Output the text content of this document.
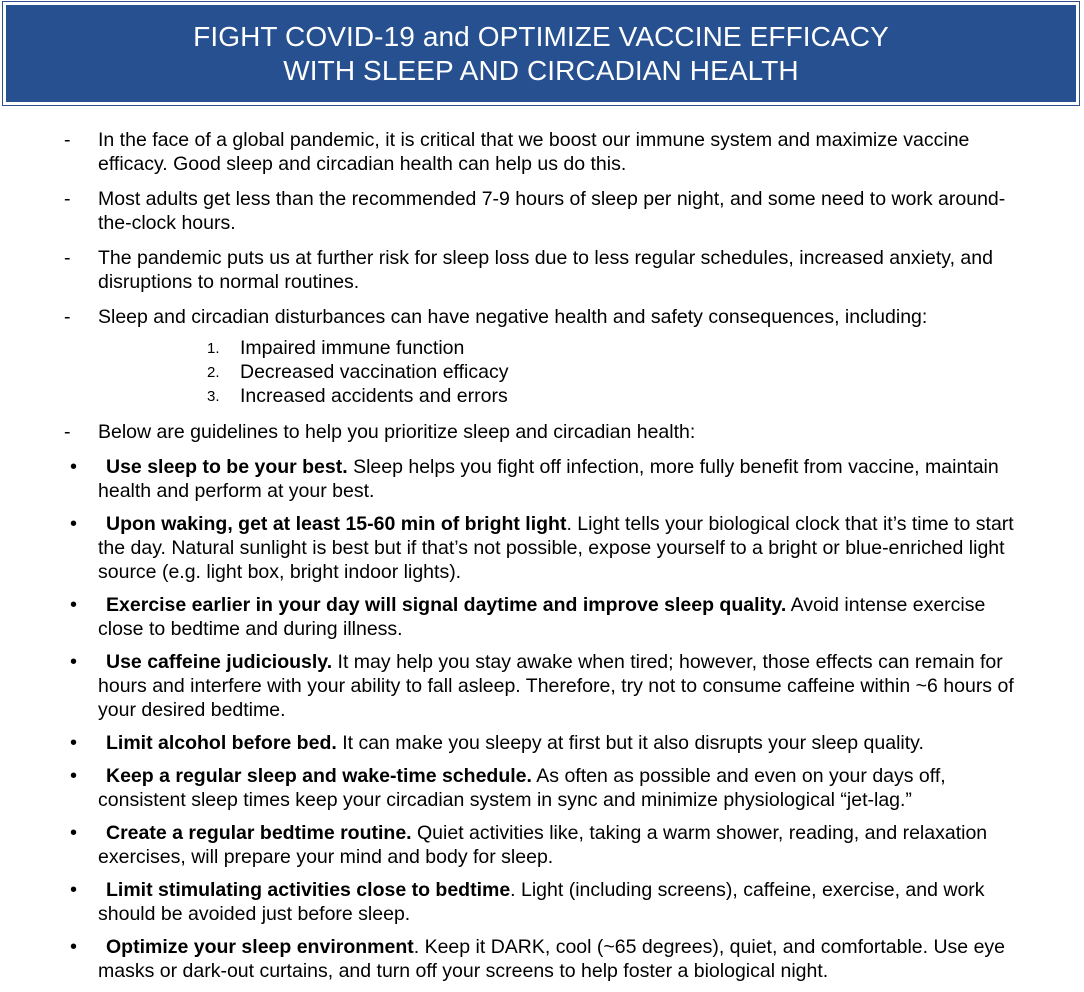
FIGHT COVID-19 and OPTIMIZE VACCINE EFFICACY
WITH SLEEP AND CIRCADIAN HEALTH
- In the face of a global pandemic, it is critical that we boost our immune system and maximize vaccine efficacy. Good sleep and circadian health can help us do this.
- Most adults get less than the recommended 7-9 hours of sleep per night, and some need to work around-the-clock hours.
- The pandemic puts us at further risk for sleep loss due to less regular schedules, increased anxiety, and disruptions to normal routines.
- Sleep and circadian disturbances can have negative health and safety consequences, including:
1. Impaired immune function
2. Decreased vaccination efficacy
3. Increased accidents and errors
- Below are guidelines to help you prioritize sleep and circadian health:
• Use sleep to be your best. Sleep helps you fight off infection, more fully benefit from vaccine, maintain health and perform at your best.
• Upon waking, get at least 15-60 min of bright light. Light tells your biological clock that it’s time to start the day. Natural sunlight is best but if that’s not possible, expose yourself to a bright or blue-enriched light source (e.g. light box, bright indoor lights).
• Exercise earlier in your day will signal daytime and improve sleep quality. Avoid intense exercise close to bedtime and during illness.
• Use caffeine judiciously. It may help you stay awake when tired; however, those effects can remain for hours and interfere with your ability to fall asleep. Therefore, try not to consume caffeine within ~6 hours of your desired bedtime.
• Limit alcohol before bed. It can make you sleepy at first but it also disrupts your sleep quality.
• Keep a regular sleep and wake-time schedule. As often as possible and even on your days off, consistent sleep times keep your circadian system in sync and minimize physiological “jet-lag.”
• Create a regular bedtime routine. Quiet activities like, taking a warm shower, reading, and relaxation exercises, will prepare your mind and body for sleep.
• Limit stimulating activities close to bedtime. Light (including screens), caffeine, exercise, and work should be avoided just before sleep.
• Optimize your sleep environment. Keep it DARK, cool (~65 degrees), quiet, and comfortable. Use eye masks or dark-out curtains, and turn off your screens to help foster a biological night.
